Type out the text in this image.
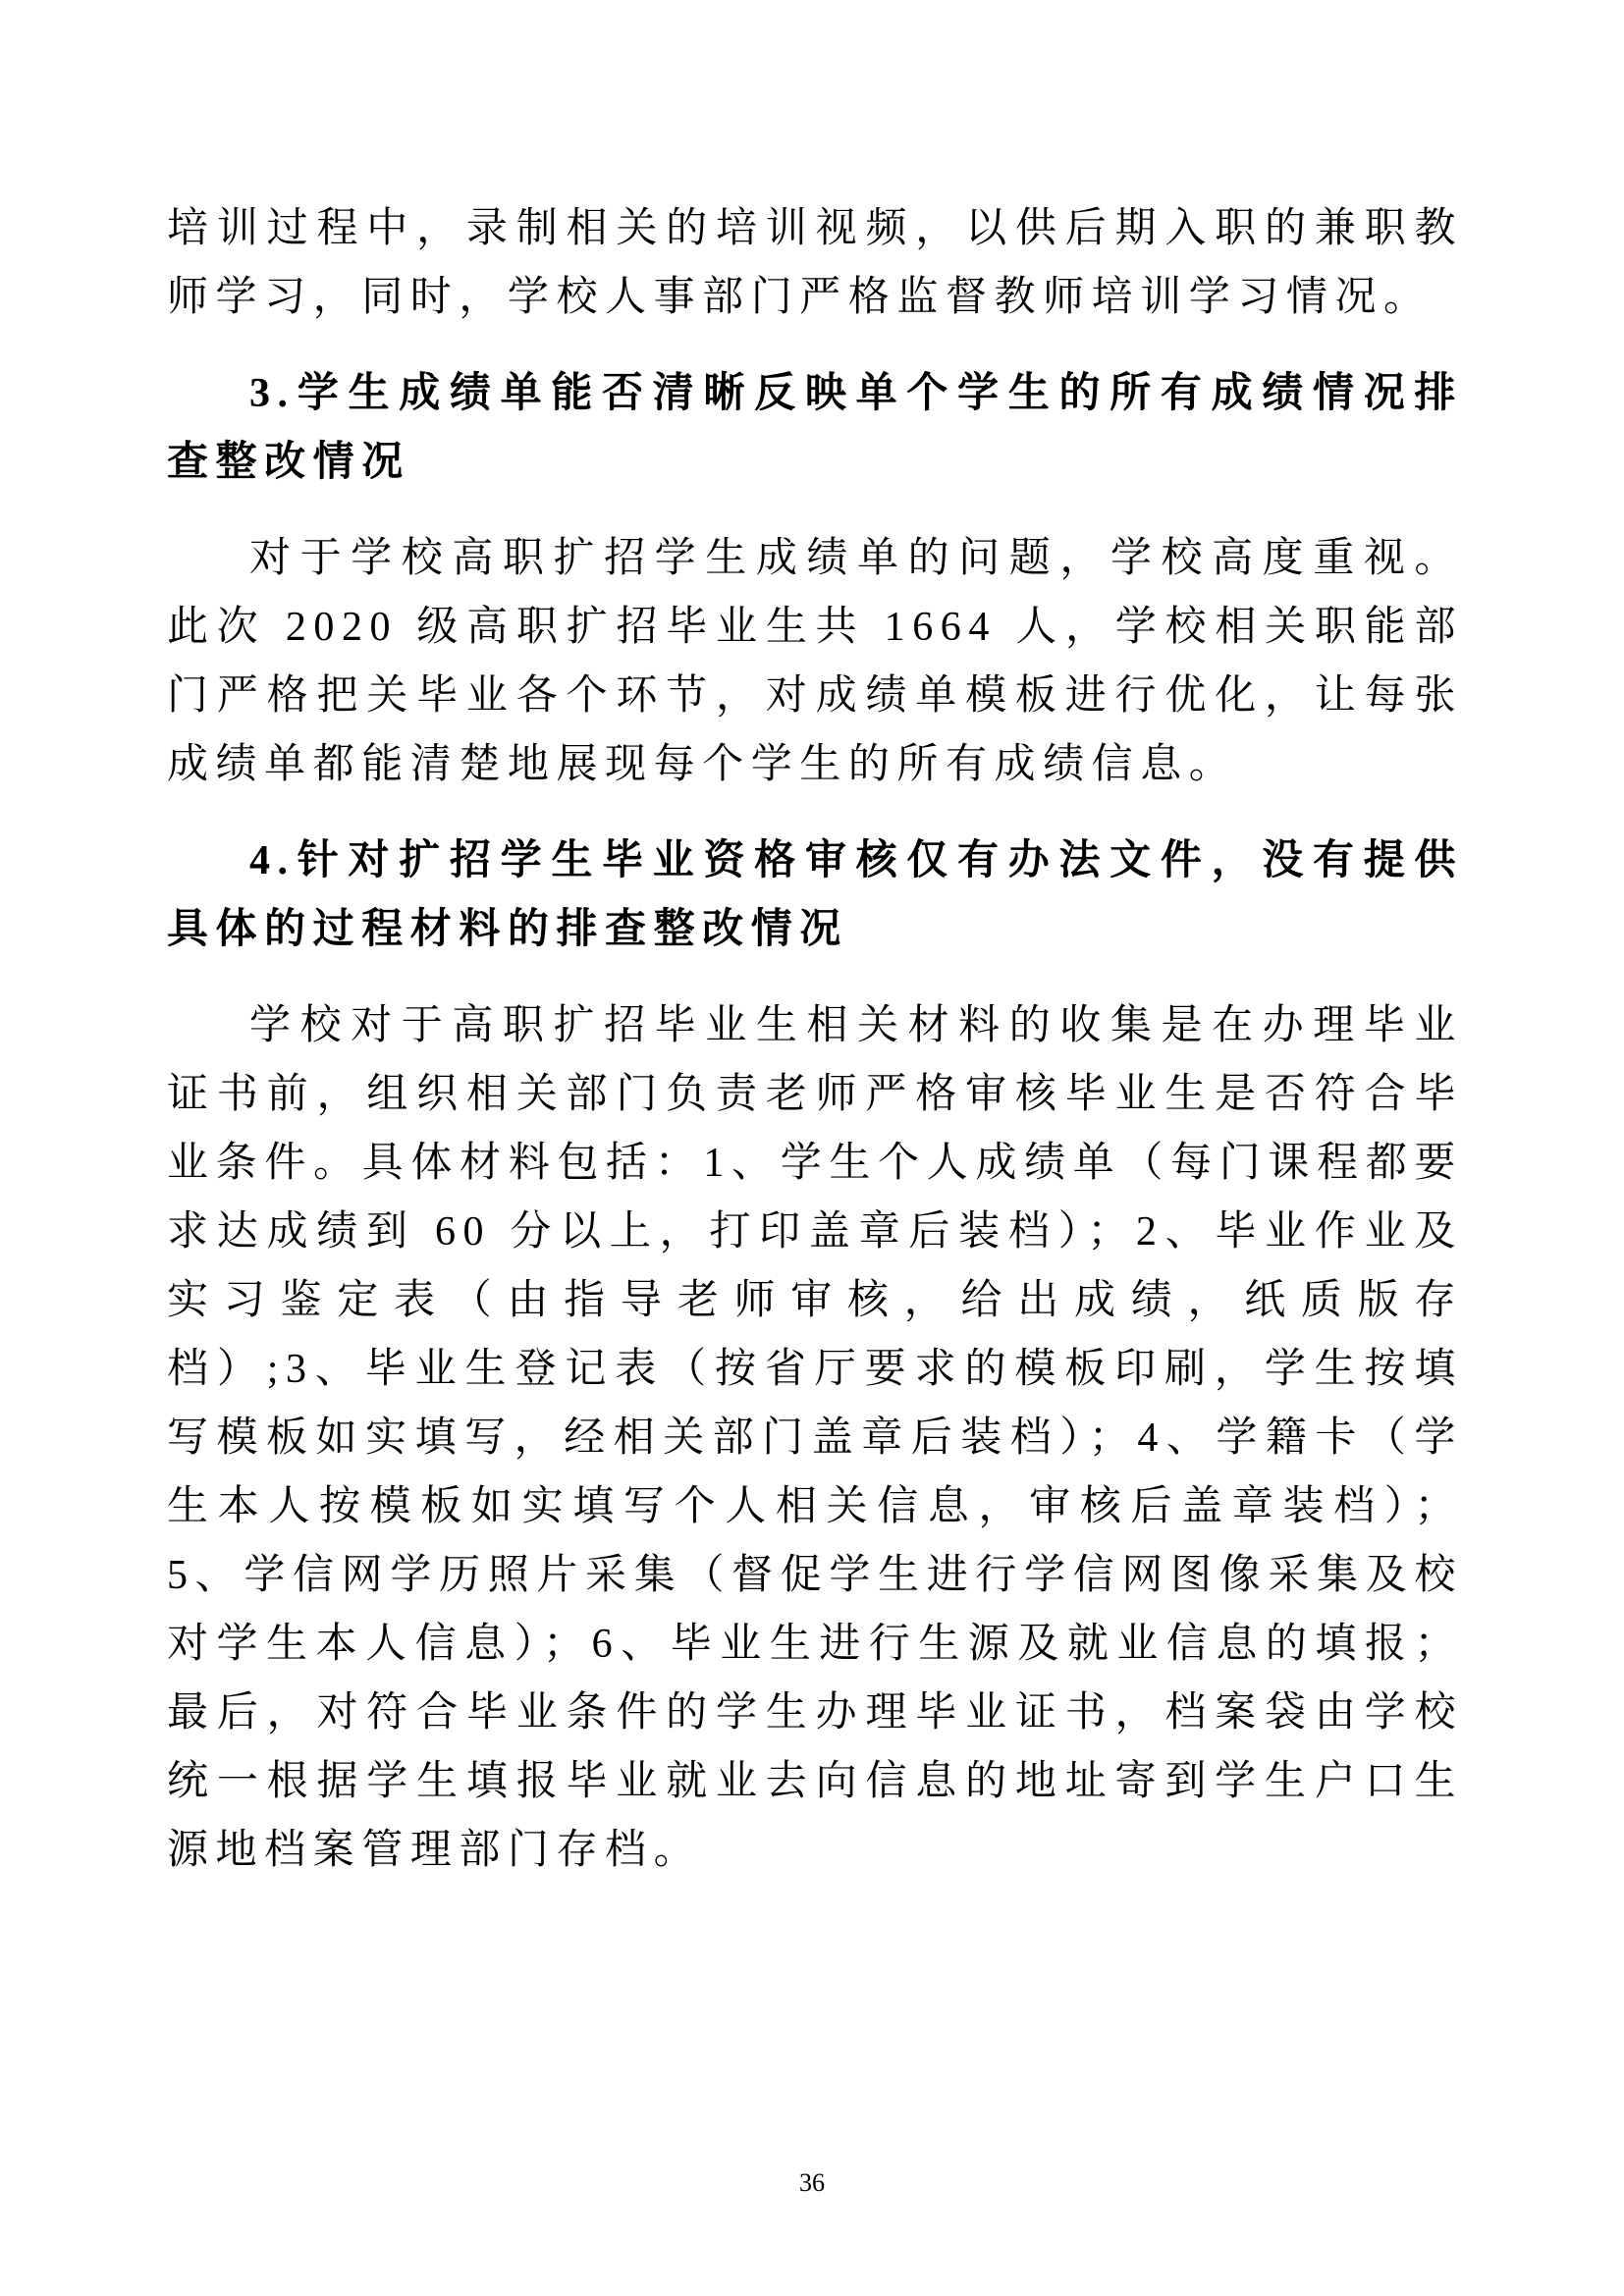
培训过程中，录制相关的培训视频，以供后期入职的兼职教师学习，同时，学校人事部门严格监督教师培训学习情况。

3.学生成绩单能否清晰反映单个学生的所有成绩情况排查整改情况

对于学校高职扩招学生成绩单的问题，学校高度重视。此次 2020 级高职扩招毕业生共 1664 人，学校相关职能部门严格把关毕业各个环节，对成绩单模板进行优化，让每张成绩单都能清楚地展现每个学生的所有成绩信息。

4.针对扩招学生毕业资格审核仅有办法文件，没有提供具体的过程材料的排查整改情况

学校对于高职扩招毕业生相关材料的收集是在办理毕业证书前，组织相关部门负责老师严格审核毕业生是否符合毕业条件。具体材料包括：1、学生个人成绩单（每门课程都要求达成绩到 60 分以上，打印盖章后装档）；2、毕业作业及实习鉴定表（由指导老师审核，给出成绩，纸质版存档）;3、毕业生登记表（按省厅要求的模板印刷，学生按填写模板如实填写，经相关部门盖章后装档）；4、学籍卡（学生本人按模板如实填写个人相关信息，审核后盖章装档）；5、学信网学历照片采集（督促学生进行学信网图像采集及校对学生本人信息）；6、毕业生进行生源及就业信息的填报；最后，对符合毕业条件的学生办理毕业证书，档案袋由学校统一根据学生填报毕业就业去向信息的地址寄到学生户口生源地档案管理部门存档。

36
